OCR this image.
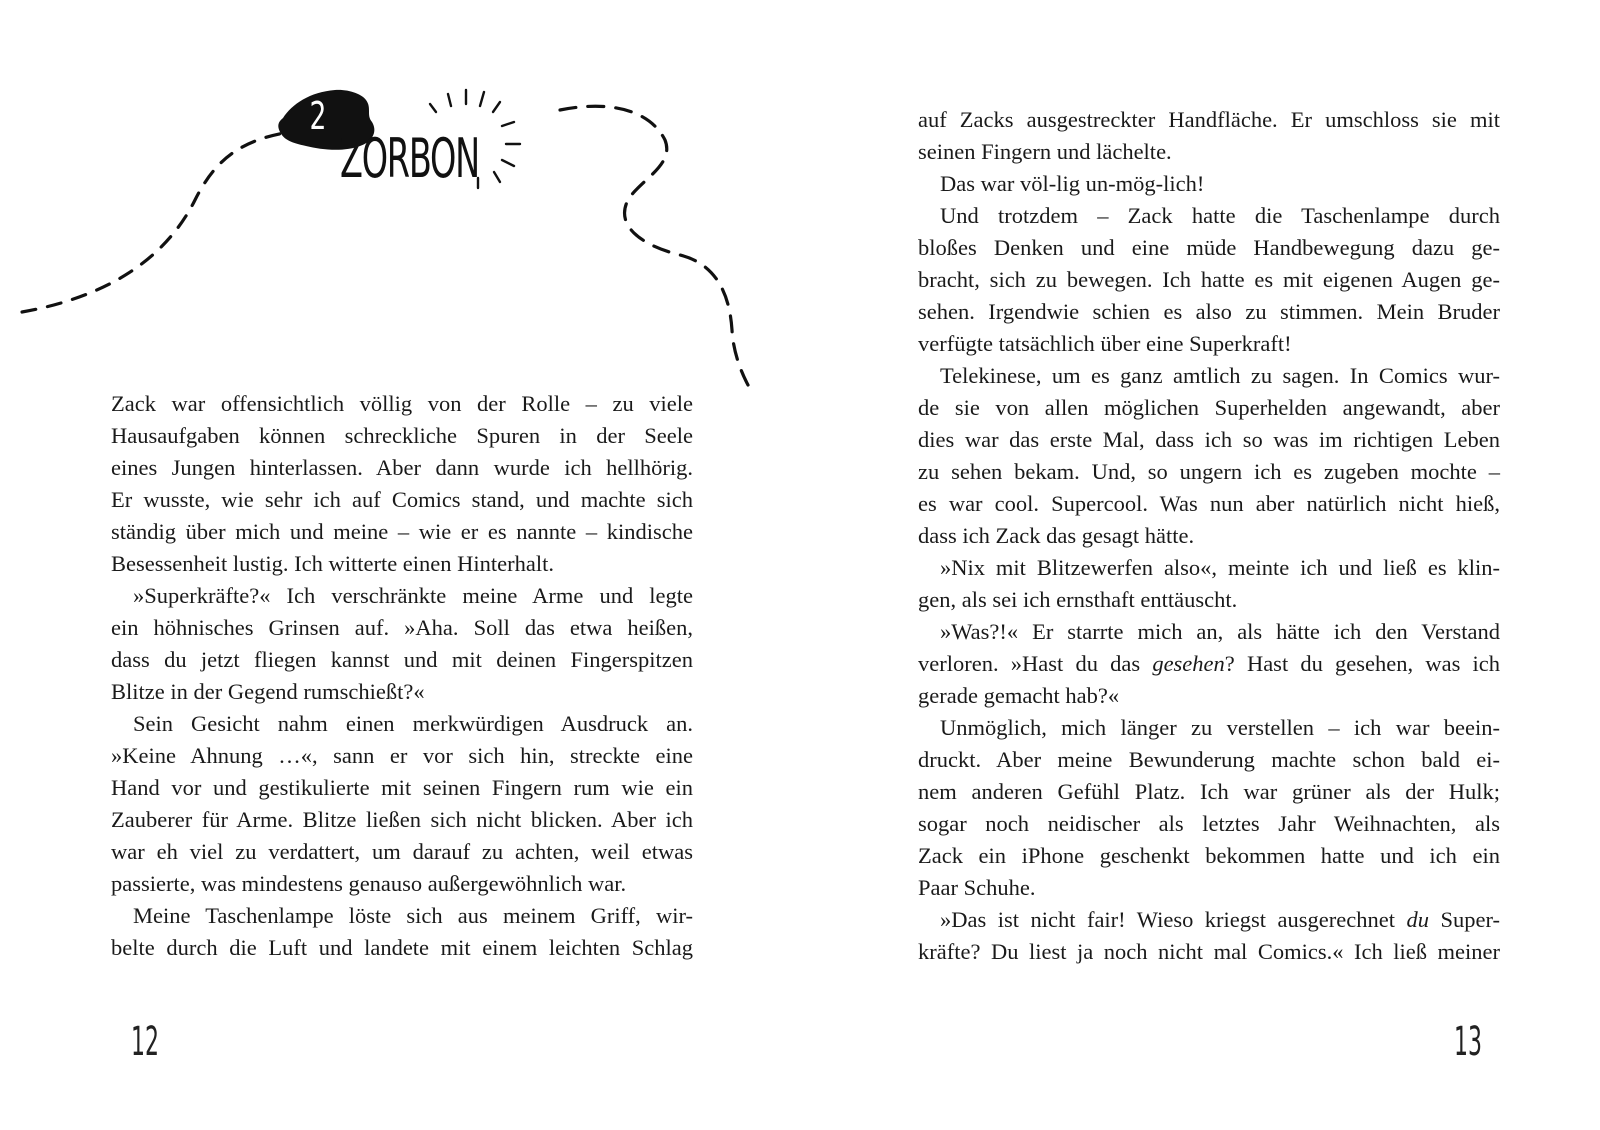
2
ZORBON
Zack war offensichtlich völlig von der Rolle – zu viele
Hausaufgaben können schreckliche Spuren in der Seele
eines Jungen hinterlassen. Aber dann wurde ich hellhörig.
Er wusste, wie sehr ich auf Comics stand, und machte sich
ständig über mich und meine – wie er es nannte – kindische
Besessenheit lustig. Ich witterte einen Hinterhalt.
»Superkräfte?« Ich verschränkte meine Arme und legte
ein höhnisches Grinsen auf. »Aha. Soll das etwa heißen,
dass du jetzt fliegen kannst und mit deinen Fingerspitzen
Blitze in der Gegend rumschießt?«
Sein Gesicht nahm einen merkwürdigen Ausdruck an.
»Keine Ahnung …«, sann er vor sich hin, streckte eine
Hand vor und gestikulierte mit seinen Fingern rum wie ein
Zauberer für Arme. Blitze ließen sich nicht blicken. Aber ich
war eh viel zu verdattert, um darauf zu achten, weil etwas
passierte, was mindestens genauso außergewöhnlich war.
Meine Taschenlampe löste sich aus meinem Griff, wir-
belte durch die Luft und landete mit einem leichten Schlag
auf Zacks ausgestreckter Handfläche. Er umschloss sie mit
seinen Fingern und lächelte.
Das war völ-lig un-mög-lich!
Und trotzdem – Zack hatte die Taschenlampe durch
bloßes Denken und eine müde Handbewegung dazu ge-
bracht, sich zu bewegen. Ich hatte es mit eigenen Augen ge-
sehen. Irgendwie schien es also zu stimmen. Mein Bruder
verfügte tatsächlich über eine Superkraft!
Telekinese, um es ganz amtlich zu sagen. In Comics wur-
de sie von allen möglichen Superhelden angewandt, aber
dies war das erste Mal, dass ich so was im richtigen Leben
zu sehen bekam. Und, so ungern ich es zugeben mochte –
es war cool. Supercool. Was nun aber natürlich nicht hieß,
dass ich Zack das gesagt hätte.
»Nix mit Blitzewerfen also«, meinte ich und ließ es klin-
gen, als sei ich ernsthaft enttäuscht.
»Was?!« Er starrte mich an, als hätte ich den Verstand
verloren. »Hast du das gesehen? Hast du gesehen, was ich
gerade gemacht hab?«
Unmöglich, mich länger zu verstellen – ich war beein-
druckt. Aber meine Bewunderung machte schon bald ei-
nem anderen Gefühl Platz. Ich war grüner als der Hulk;
sogar noch neidischer als letztes Jahr Weihnachten, als
Zack ein iPhone geschenkt bekommen hatte und ich ein
Paar Schuhe.
»Das ist nicht fair! Wieso kriegst ausgerechnet du Super-
kräfte? Du liest ja noch nicht mal Comics.« Ich ließ meiner
12	13
